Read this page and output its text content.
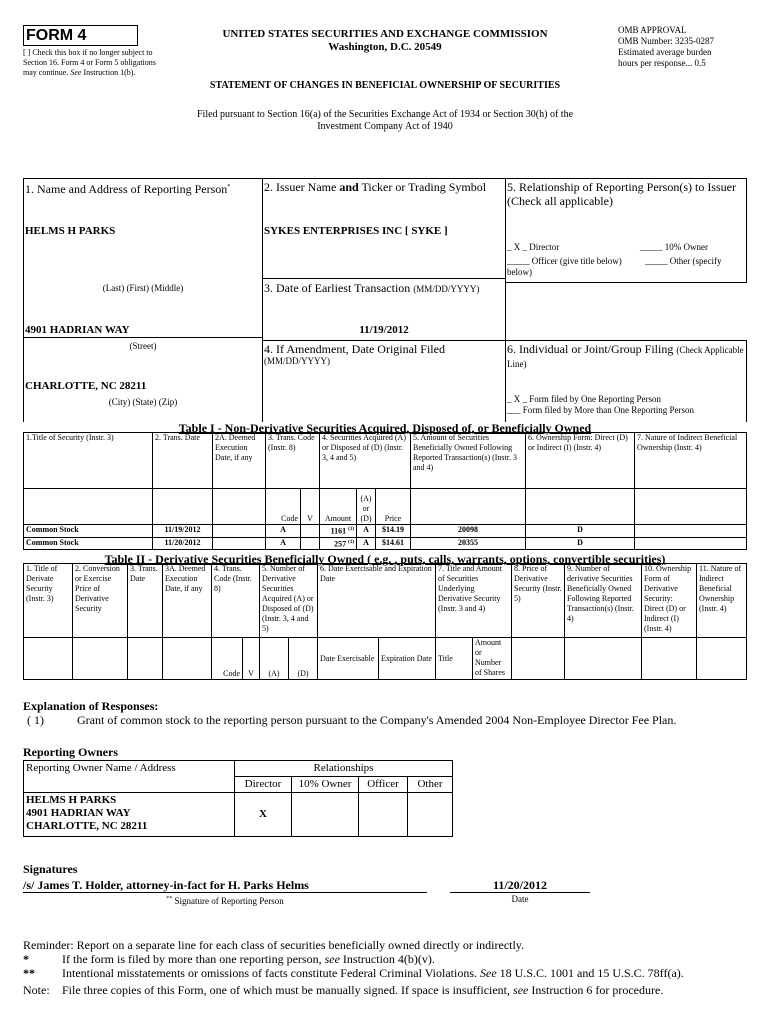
FORM 4
[ ] Check this box if no longer subject to Section 16. Form 4 or Form 5 obligations may continue. See Instruction 1(b).
UNITED STATES SECURITIES AND EXCHANGE COMMISSION
Washington, D.C. 20549
STATEMENT OF CHANGES IN BENEFICIAL OWNERSHIP OF SECURITIES
OMB APPROVAL
OMB Number: 3235-0287
Estimated average burden
hours per response... 0.5
Filed pursuant to Section 16(a) of the Securities Exchange Act of 1934 or Section 30(h) of the
Investment Company Act of 1940
1. Name and Address of Reporting Person*
HELMS H PARKS
(Last) (First) (Middle)
4901 HADRIAN WAY
(Street)
CHARLOTTE, NC 28211
(City) (State) (Zip)
2. Issuer Name and Ticker or Trading Symbol
SYKES ENTERPRISES INC [ SYKE ]
3. Date of Earliest Transaction (MM/DD/YYYY)
11/19/2012
4. If Amendment, Date Original Filed
(MM/DD/YYYY)
5. Relationship of Reporting Person(s) to Issuer
(Check all applicable)
_ X _ Director	_____ 10% Owner
_____ Officer (give title below)	_____ Other (specify below)
6. Individual or Joint/Group Filing (Check Applicable Line)
_ X _ Form filed by One Reporting Person
___ Form filed by More than One Reporting Person
Table I - Non-Derivative Securities Acquired, Disposed of, or Beneficially Owned
1.Title of Security (Instr. 3)	2. Trans. Date	2A. Deemed Execution Date, if any	3. Trans. Code (Instr. 8)		4. Securities Acquired (A) or Disposed of (D) (Instr. 3, 4 and 5)			5. Amount of Securities Beneficially Owned Following Reported Transaction(s) (Instr. 3 and 4)	6. Ownership Form: Direct (D) or Indirect (I) (Instr. 4)	7. Nature of Indirect Beneficial Ownership (Instr. 4)
			Code	V	Amount	(A) or (D)	Price			
Common Stock	11/19/2012		A		1161 $^{(1)}$	A	$14.19	20098	D	
Common Stock	11/20/2012		A		257 $^{(1)}$	A	$14.61	20355	D	
Table II - Derivative Securities Beneficially Owned ( e.g. , puts, calls, warrants, options, convertible securities)
1. Title of Derivate Security (Instr. 3)	2. Conversion or Exercise Price of Derivative Security	3. Trans. Date	3A. Deemed Execution Date, if any	4. Trans. Code (Instr. 8)		5. Number of Derivative Securities Acquired (A) or Disposed of (D) (Instr. 3, 4 and 5)		6. Date Exercisable and Expiration Date		7. Title and Amount of Securities Underlying Derivative Security (Instr. 3 and 4)		8. Price of Derivative Security (Instr. 5)	9. Number of derivative Securities Beneficially Owned Following Reported Transaction(s) (Instr. 4)	10. Ownership Form of Derivative Security: Direct (D) or Indirect (I) (Instr. 4)	11. Nature of Indirect Beneficial Ownership (Instr. 4)
				Code	V	(A)	(D)	Date Exercisable	Expiration Date	Title	Amount or Number of Shares				
Explanation of Responses:
( 1)	Grant of common stock to the reporting person pursuant to the Company's Amended 2004 Non-Employee Director Fee Plan.
Reporting Owners
Reporting Owner Name / Address	Relationships			
	Director	10% Owner	Officer	Other

HELMS H PARKS
4901 HADRIAN WAY
CHARLOTTE, NC 28211	X			
Signatures
/s/ James T. Holder, attorney-in-fact for H. Parks Helms	11/20/2012
** Signature of Reporting Person	Date
Reminder: Report on a separate line for each class of securities beneficially owned directly or indirectly.
*	If the form is filed by more than one reporting person, see Instruction 4(b)(v).
** Intentional misstatements or omissions of facts constitute Federal Criminal Violations. See 18 U.S.C. 1001 and 15 U.S.C. 78ff(a).
Note: File three copies of this Form, one of which must be manually signed. If space is insufficient, see Instruction 6 for procedure.
